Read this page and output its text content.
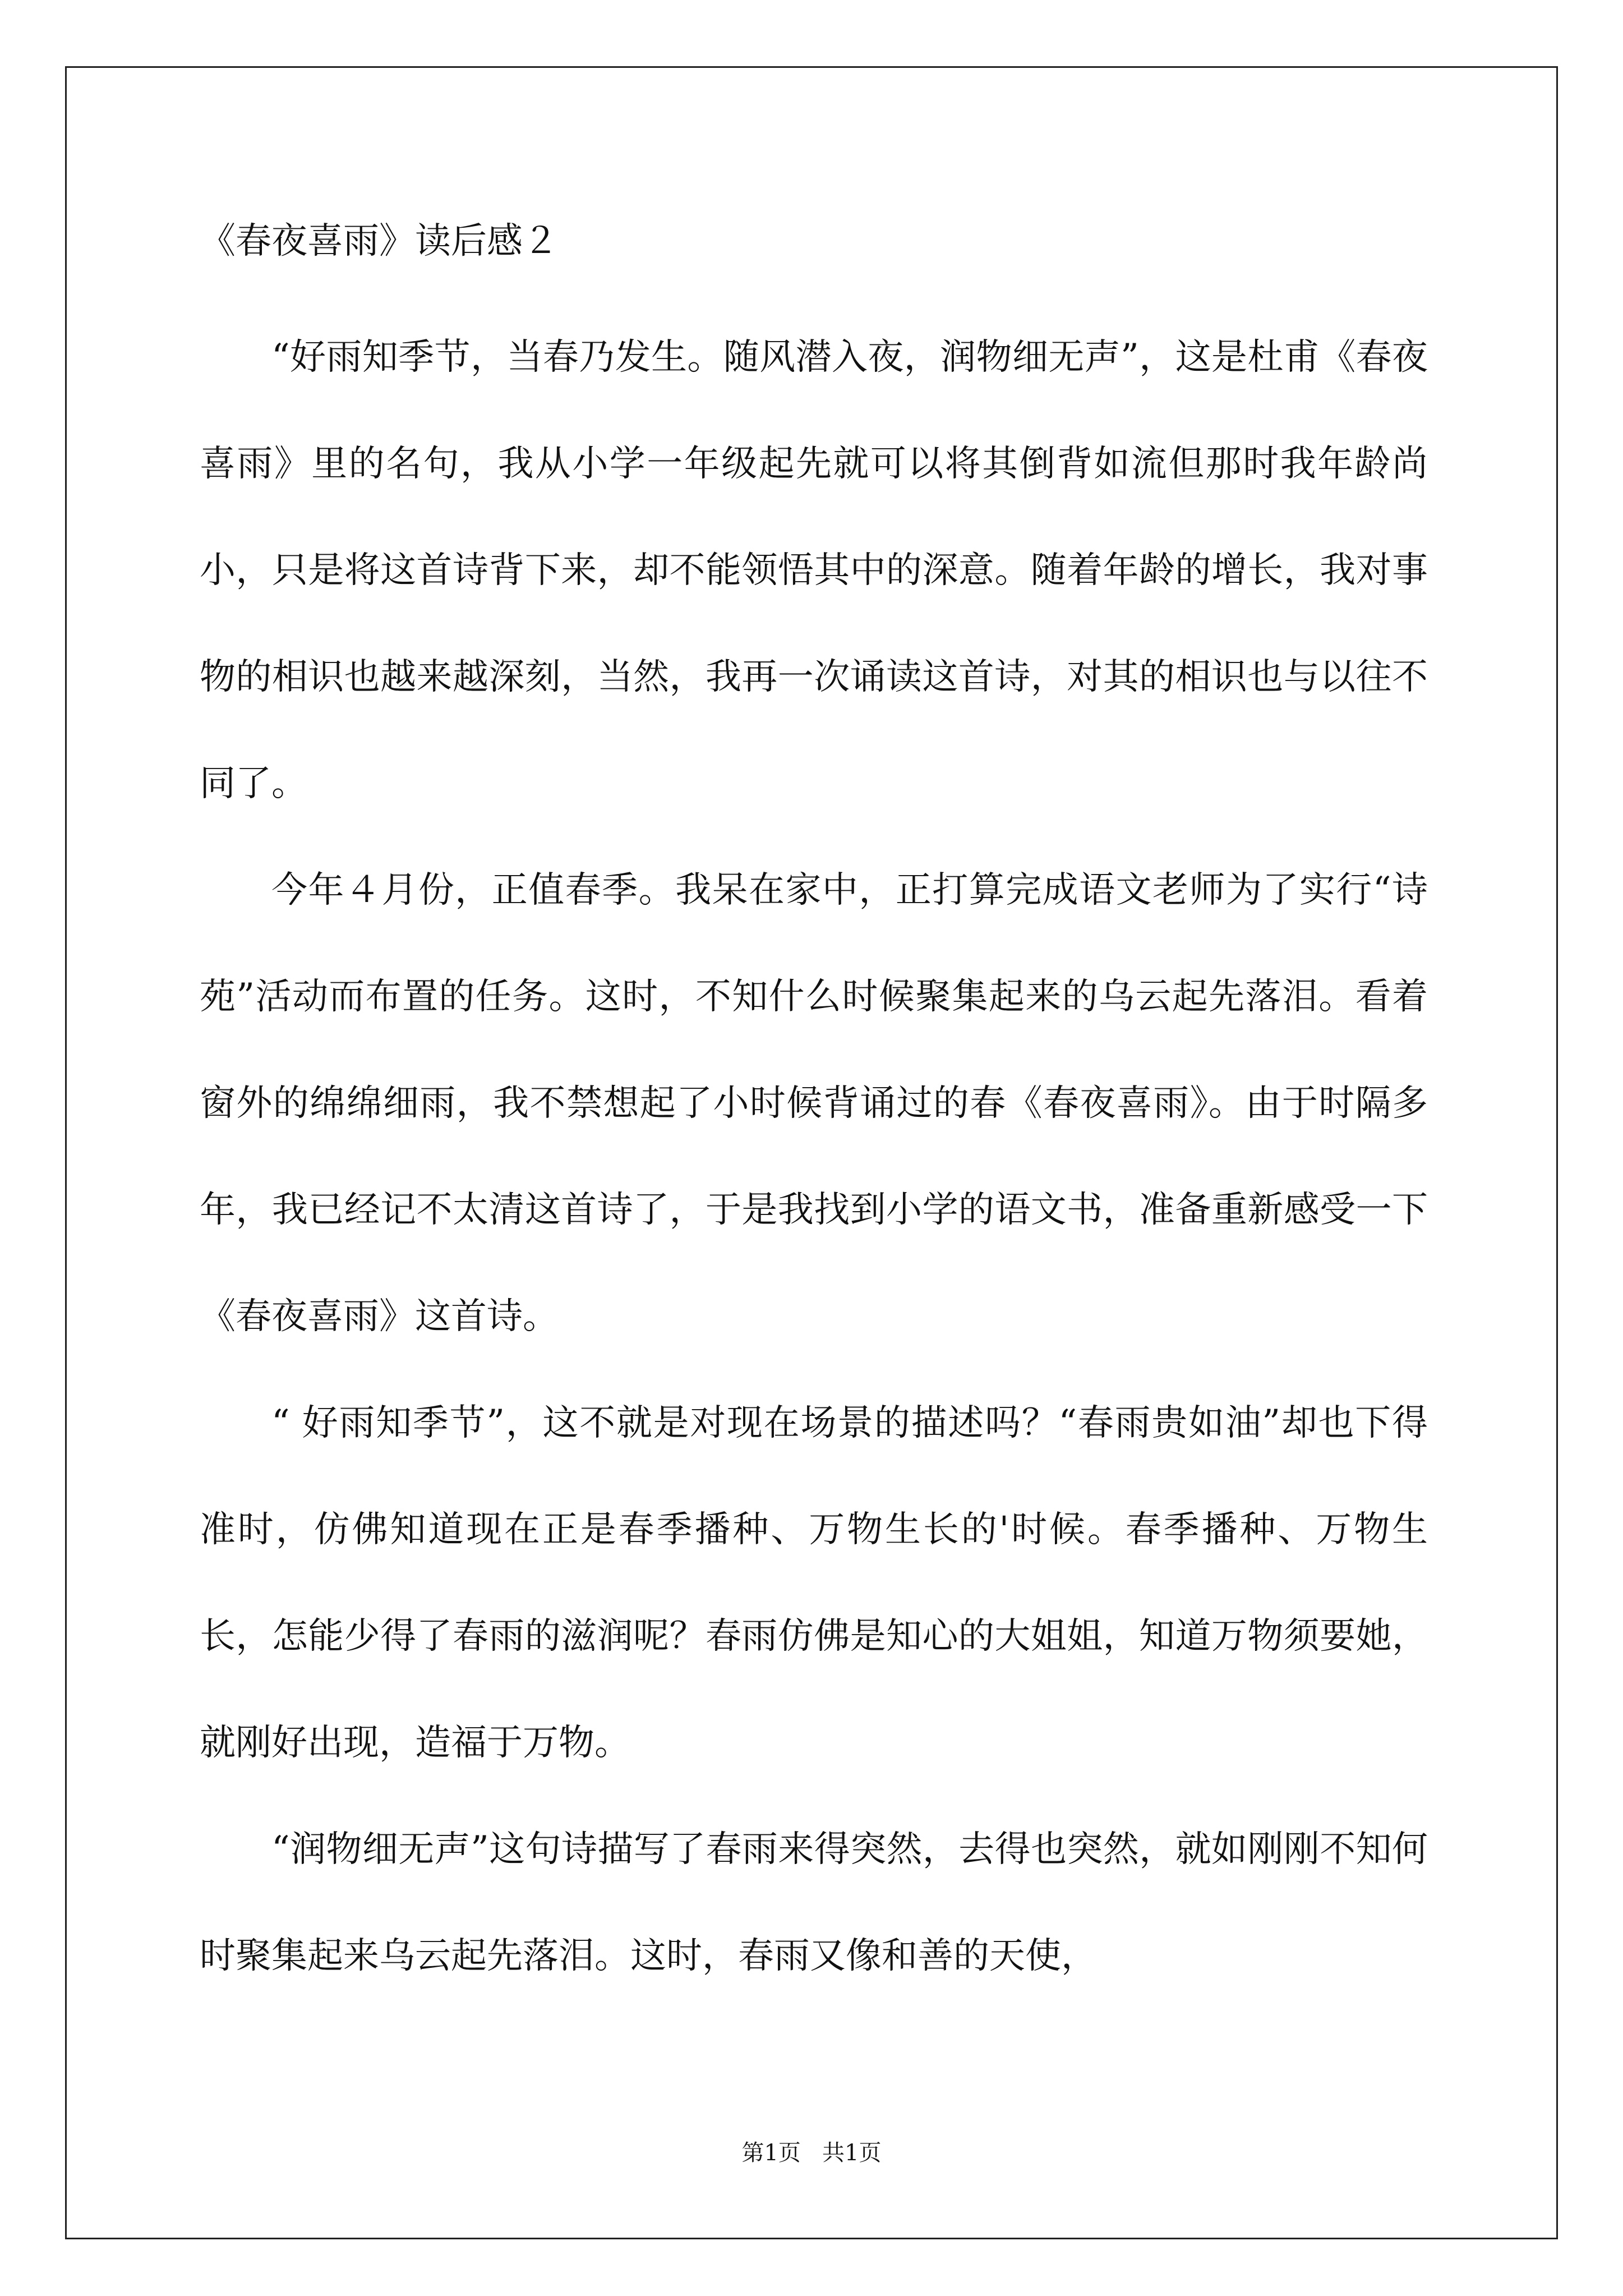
《春夜喜雨》读后感２

“好雨知季节，当春乃发生。随风潜入夜，润物细无声”，这是杜甫《春夜喜雨》里的名句，我从小学一年级起先就可以将其倒背如流但那时我年龄尚小，只是将这首诗背下来，却不能领悟其中的深意。随着年龄的增长，我对事物的相识也越来越深刻，当然，我再一次诵读这首诗，对其的相识也与以往不同了。

今年４月份，正值春季。我呆在家中，正打算完成语文老师为了实行“诗苑”活动而布置的任务。这时，不知什么时候聚集起来的乌云起先落泪。看着窗外的绵绵细雨，我不禁想起了小时候背诵过的春《春夜喜雨》。由于时隔多年，我已经记不太清这首诗了，于是我找到小学的语文书，准备重新感受一下《春夜喜雨》这首诗。

“ 好雨知季节”，这不就是对现在场景的描述吗？“春雨贵如油”却也下得准时，仿佛知道现在正是春季播种、万物生长的'时候。春季播种、万物生长，怎能少得了春雨的滋润呢？春雨仿佛是知心的大姐姐，知道万物须要她，就刚好出现，造福于万物。

“润物细无声”这句诗描写了春雨来得突然，去得也突然，就如刚刚不知何时聚集起来乌云起先落泪。这时，春雨又像和善的天使，

第1页   共1页
